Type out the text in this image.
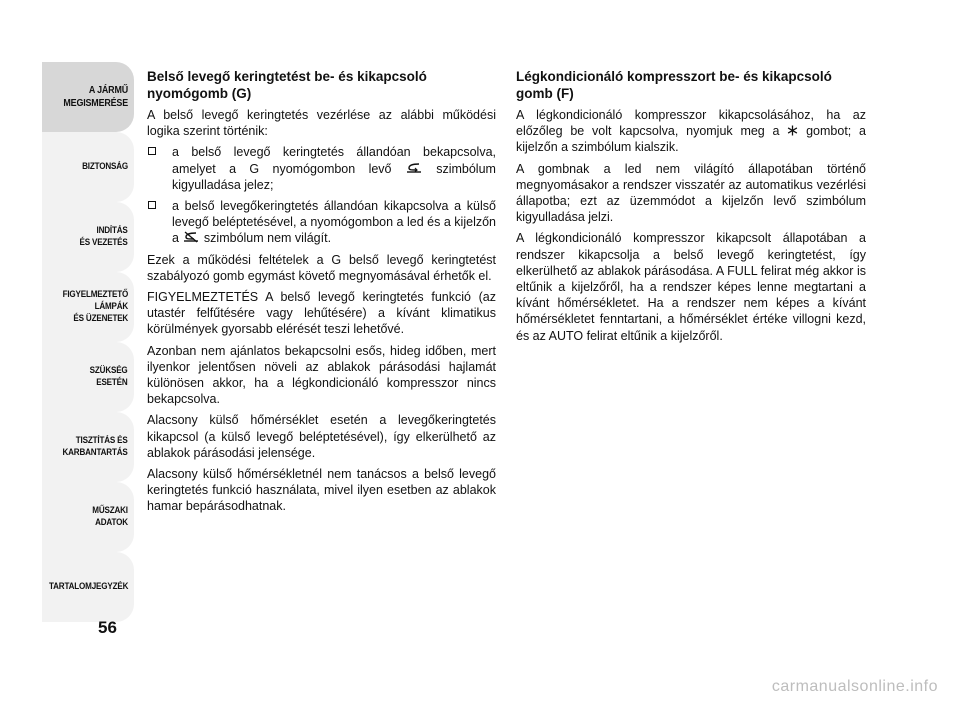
A JÁRMŰ
MEGISMERÉSE
BIZTONSÁG
INDÍTÁS
ÉS VEZETÉS
FIGYELMEZTETŐ
LÁMPÁK
ÉS ÜZENETEK
SZÜKSÉG
ESETÉN
TISZTÍTÁS ÉS
KARBANTARTÁS
MŰSZAKI
ADATOK
TARTALOMJEGYZÉK
56
Belső levegő keringtetést be- és kikapcsoló nyomógomb (G)

A belső levegő keringtetés vezérlése az alábbi működési logika szerint történik:

a belső levegő keringtetés állandóan bekapcsolva, amelyet a G nyomógombon levő	szimbólum kigyulladása jelez;
a belső levegőkeringtetés állandóan kikapcsolva a külső levegő beléptetésével, a nyomógombon a led és a kijelzőn a szimbólum nem világít.

Ezek a működési feltételek a G belső levegő keringtetést szabályozó gomb egymást követő megnyomásával érhetők el.

FIGYELMEZTETÉS A belső levegő keringtetés funkció (az utastér felfűtésére vagy lehűtésére) a kívánt klimatikus körülmények gyorsabb elérését teszi lehetővé.

Azonban nem ajánlatos bekapcsolni esős, hideg időben, mert ilyenkor jelentősen növeli az ablakok párásodási hajlamát különösen akkor, ha a légkondicionáló kompresszor nincs bekapcsolva.

Alacsony külső hőmérséklet esetén a levegőkeringtetés kikapcsol (a külső levegő beléptetésével), így elkerülhető az ablakok párásodási jelensége.

Alacsony külső hőmérsékletnél nem tanácsos a belső levegő keringtetés funkció használata, mivel ilyen esetben az ablakok hamar bepárásodhatnak.

Légkondicionáló kompresszort be- és kikapcsoló gomb (F)

A légkondicionáló kompresszor kikapcsolásához, ha az előzőleg be volt kapcsolva, nyomjuk meg a gombot; a kijelzőn a szimbólum kialszik.

A gombnak a led nem világító állapotában történő megnyomásakor a rendszer visszatér az automatikus vezérlési állapotba; ezt az üzemmódot a kijelzőn levő szimbólum kigyulladása jelzi.

A légkondicionáló kompresszor kikapcsolt állapotában a rendszer kikapcsolja a belső levegő keringtetést, így elkerülhető az ablakok párásodása. A FULL felirat még akkor is eltűnik a kijelzőről, ha a rendszer képes lenne megtartani a kívánt hőmérsékletet. Ha a rendszer nem képes a kívánt hőmérsékletet fenntartani, a hőmérséklet értéke villogni kezd, és az AUTO felirat eltűnik a kijelzőről.

carmanualsonline.info
